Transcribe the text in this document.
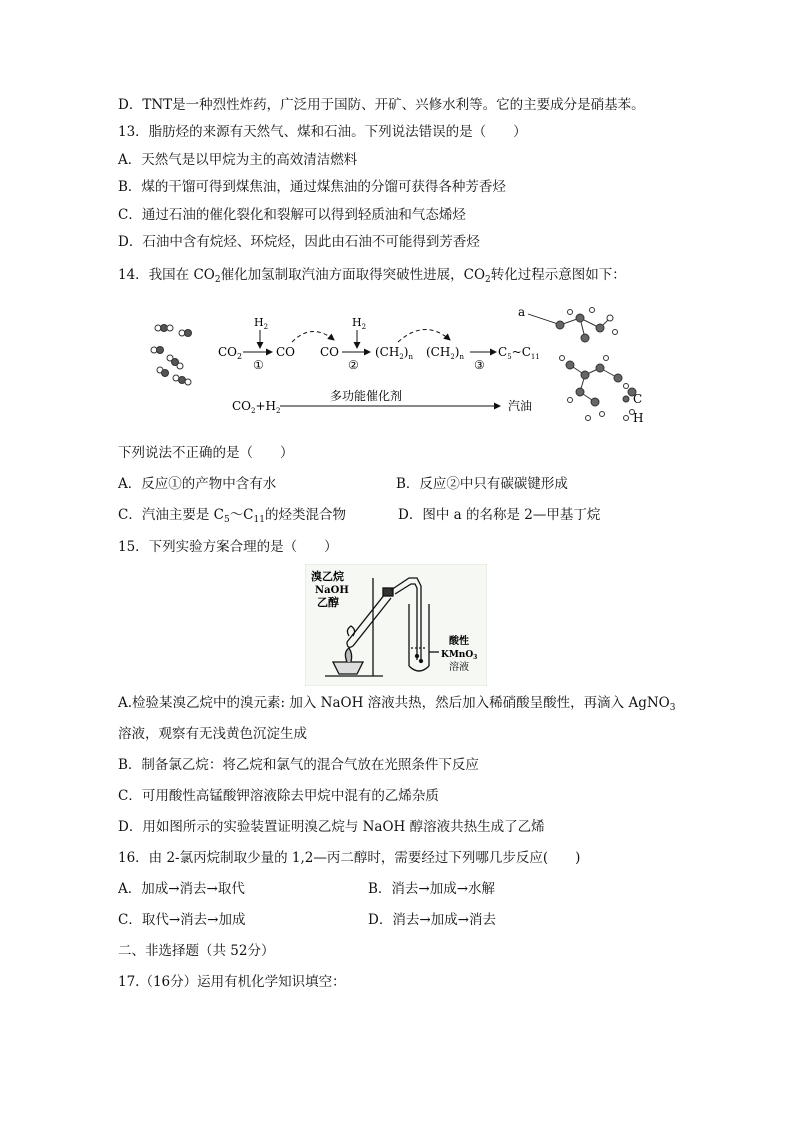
D．TNT是一种烈性炸药，广泛用于国防、开矿、兴修水利等。它的主要成分是硝基苯。
13．脂肪烃的来源有天然气、煤和石油。下列说法错误的是（　　）
A．天然气是以甲烷为主的高效清洁燃料
B．煤的干馏可得到煤焦油，通过煤焦油的分馏可获得各种芳香烃
C．通过石油的催化裂化和裂解可以得到轻质油和气态烯烃
D．石油中含有烷烃、环烷烃，因此由石油不可能得到芳香烃
14．我国在 $CO_2$催化加氢制取汽油方面取得突破性进展，$CO_2$转化过程示意图如下：
$CO_2$
$H_2$
①
CO CO
$H_2$
②
$(CH_2)_n$ $(CH_2)_n$
③
$C_5\sim C_{11}$
$CO_2+H_2$
多功能催化剂
汽油
a
C
H
下列说法不正确的是（　　）
A．反应①的产物中含有水	B．反应②中只有碳碳键形成
C．汽油主要是 $C_5\sim C_{11}$的烃类混合物	D．图中 a 的名称是 2—甲基丁烷
15．下列实验方案合理的是（　　）
溴乙烷
NaOH
乙醇
酸性
KMnO$_3$
溶液
A.检验某溴乙烷中的溴元素: 加入 NaOH 溶液共热，然后加入稀硝酸呈酸性，再滴入 AgNO$_3$
溶液，观察有无浅黄色沉淀生成
B．制备氯乙烷：将乙烷和氯气的混合气放在光照条件下反应
C．可用酸性高锰酸钾溶液除去甲烷中混有的乙烯杂质
D．用如图所示的实验装置证明溴乙烷与 NaOH 醇溶液共热生成了乙烯
16．由 2-氯丙烷制取少量的 1,2—丙二醇时，需要经过下列哪几步反应(　　)
A．加成→消去→取代	B．消去→加成→水解
C．取代→消去→加成	D．消去→加成→消去
二、非选择题（共 52分）
17.（16分）运用有机化学知识填空：
